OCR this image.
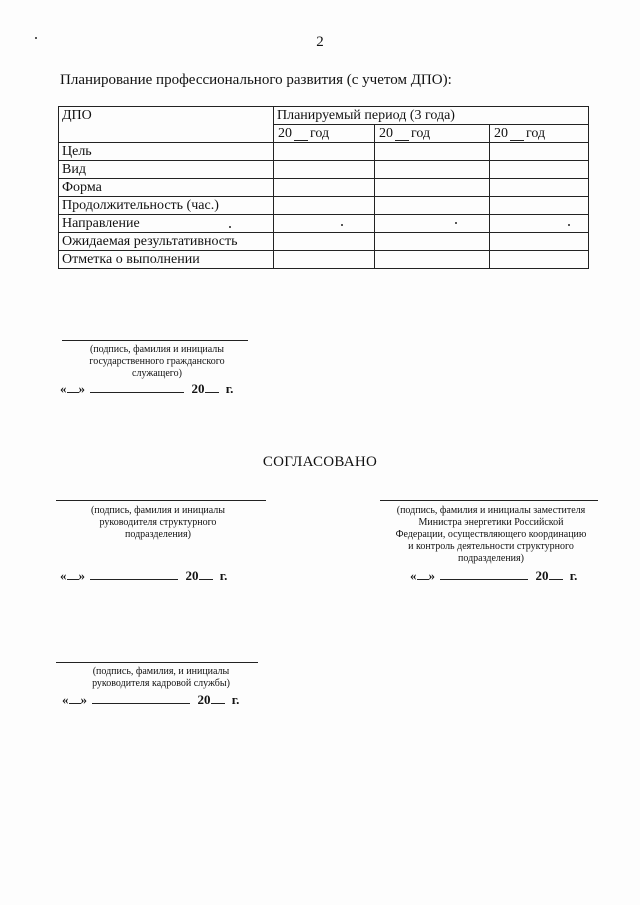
2
Планирование профессионального развития (с учетом ДПО):
ДПО	Планируемый период (3 года)		

	20 год	20 год	20 год

Цель			
Вид			
Форма			
Продолжительность (час.)			
Направление			
Ожидаемая результативность			
Отметка о выполнении			
(подпись, фамилия и инициалы государственного гражданского служащего)
« »	20 г.
СОГЛАСОВАНО
(подпись, фамилия и инициалы руководителя структурного подразделения)
« »	20 г.
(подпись, фамилия и инициалы заместителя Министра энергетики Российской Федерации, осуществляющего координацию и контроль деятельности структурного подразделения)
« »	20 г.
(подпись, фамилия, и инициалы руководителя кадровой службы)
« »	20 г.
